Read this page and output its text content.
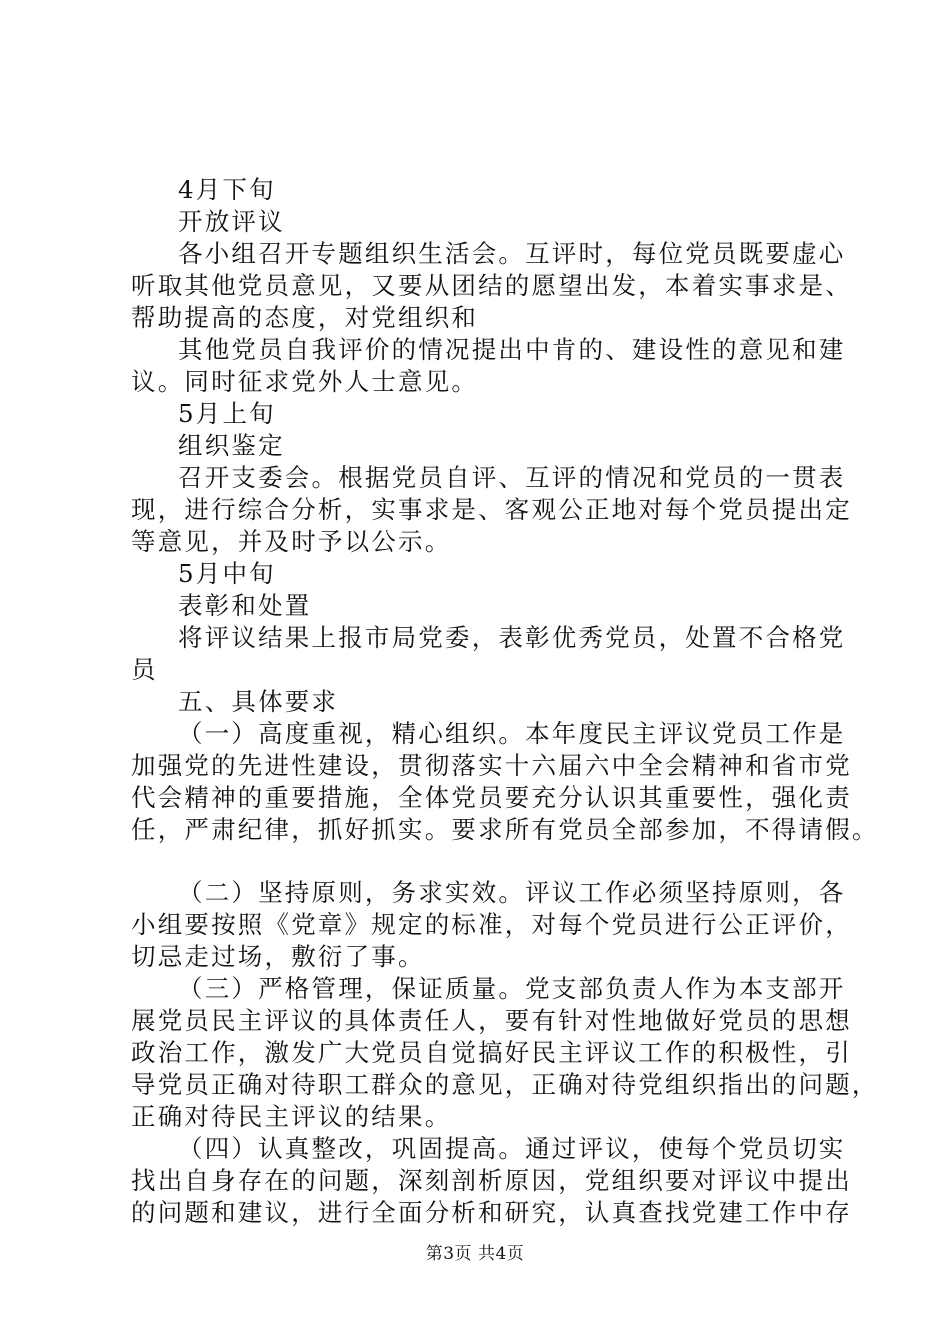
4月下旬

开放评议

各小组召开专题组织生活会。互评时，每位党员既要虚心

听取其他党员意见，又要从团结的愿望出发，本着实事求是、

帮助提高的态度，对党组织和

其他党员自我评价的情况提出中肯的、建设性的意见和建

议。同时征求党外人士意见。

5月上旬

组织鉴定

召开支委会。根据党员自评、互评的情况和党员的一贯表

现，进行综合分析，实事求是、客观公正地对每个党员提出定

等意见，并及时予以公示。

5月中旬

表彰和处置

将评议结果上报市局党委，表彰优秀党员，处置不合格党

员

五、具体要求

（一）高度重视，精心组织。本年度民主评议党员工作是

加强党的先进性建设，贯彻落实十六届六中全会精神和省市党

代会精神的重要措施，全体党员要充分认识其重要性，强化责

任，严肃纪律，抓好抓实。要求所有党员全部参加，不得请假。

（二）坚持原则，务求实效。评议工作必须坚持原则，各

小组要按照《党章》规定的标准，对每个党员进行公正评价，

切忌走过场，敷衍了事。

（三）严格管理，保证质量。党支部负责人作为本支部开

展党员民主评议的具体责任人，要有针对性地做好党员的思想

政治工作，激发广大党员自觉搞好民主评议工作的积极性，引

导党员正确对待职工群众的意见，正确对待党组织指出的问题，

正确对待民主评议的结果。

（四）认真整改，巩固提高。通过评议，使每个党员切实

找出自身存在的问题，深刻剖析原因，党组织要对评议中提出

的问题和建议，进行全面分析和研究，认真查找党建工作中存

第3页 共4页
